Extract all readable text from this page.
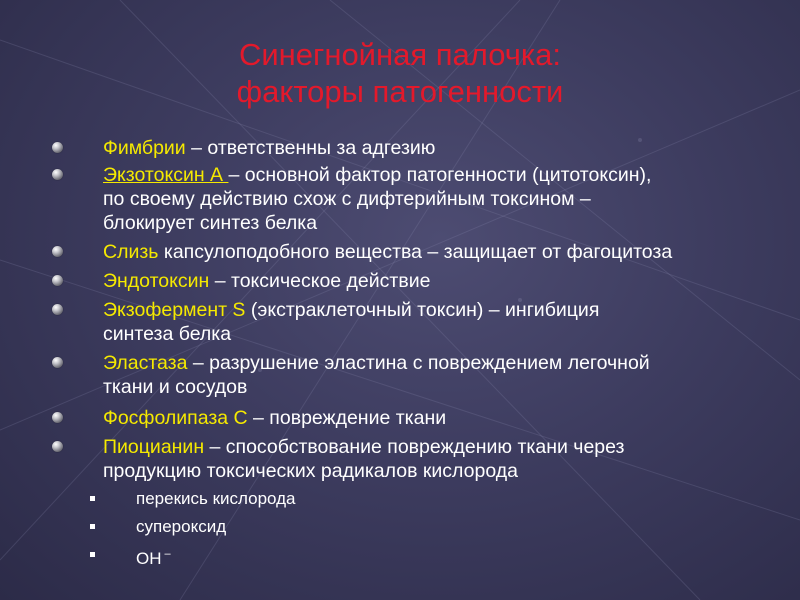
Синегнойная палочка:
факторы патогенности
Фимбрии – ответственны за адгезию
Экзотоксин А – основной фактор патогенности (цитотоксин),
по своему действию схож с дифтерийным токсином –
блокирует синтез белка
Слизь капсулоподобного вещества – защищает от фагоцитоза
Эндотоксин – токсическое действие
Экзофермент S (экстраклеточный токсин) – ингибиция
синтеза белка
Эластаза – разрушение эластина с повреждением легочной
ткани и сосудов
Фосфолипаза С – повреждение ткани
Пиоцианин – способствование повреждению ткани через
продукцию токсических радикалов кислорода
перекись кислорода
супероксид
OH –
